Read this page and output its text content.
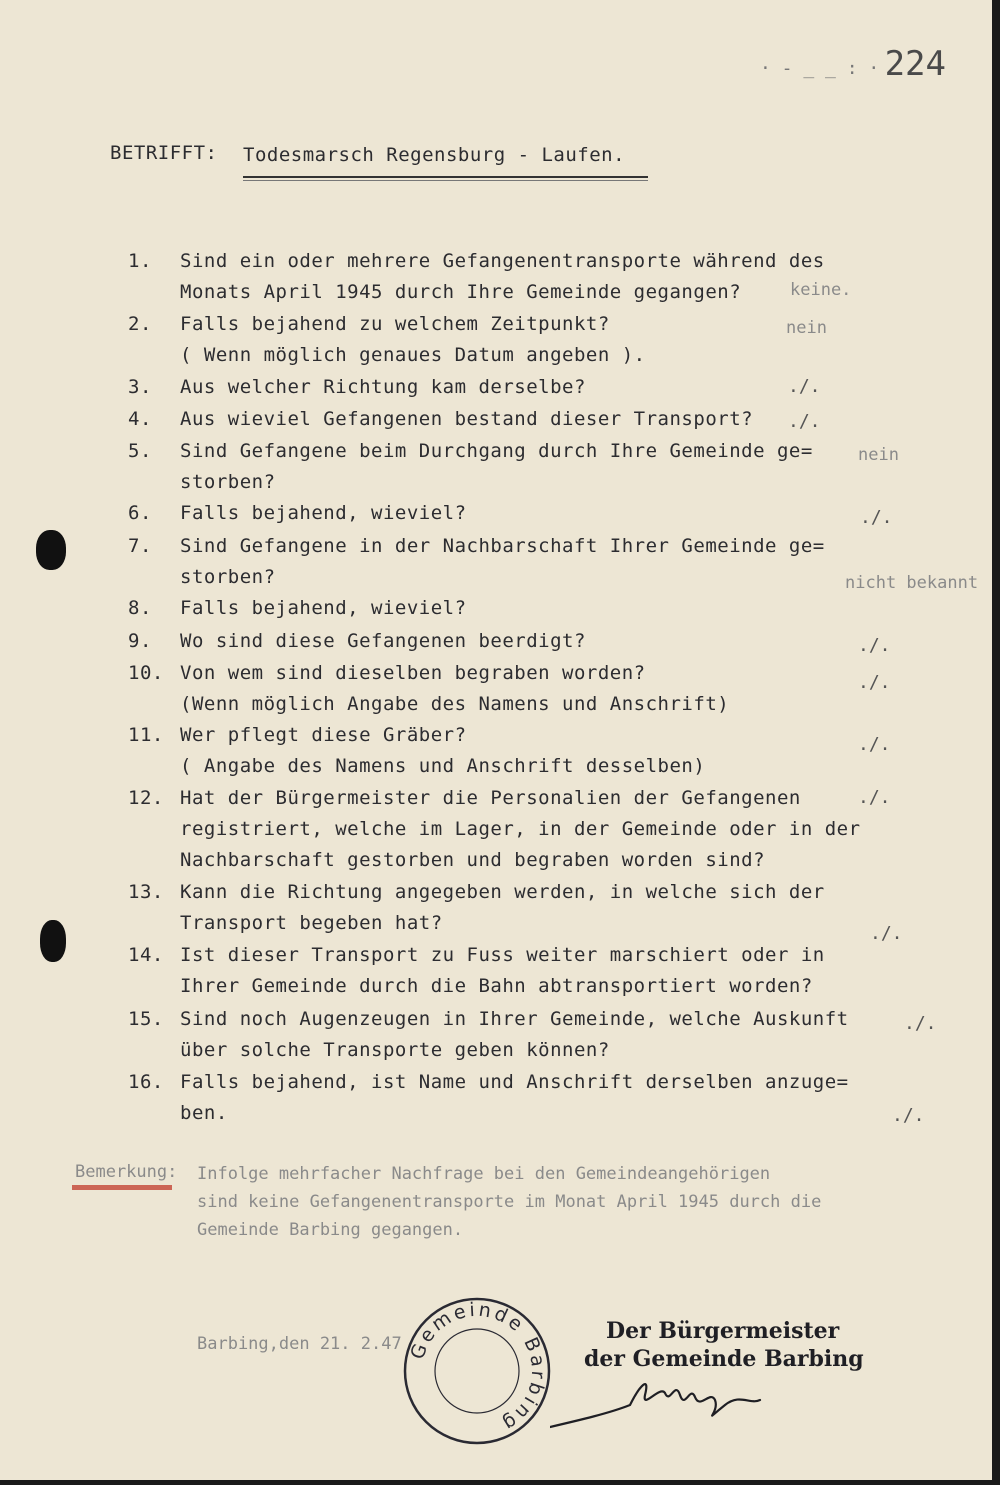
224
· - _ _ : ·
BETRIFFT: Todesmarsch Regensburg - Laufen.
1. Sind ein oder mehrere Gefangenentransporte während des
Monats April 1945 durch Ihre Gemeinde gegangen?	keine.
2. Falls bejahend zu welchem Zeitpunkt?
( Wenn möglich genaues Datum angeben ).
nein
3. Aus welcher Richtung kam derselbe?	./.
4. Aus wieviel Gefangenen bestand dieser Transport? ./.
5. Sind Gefangene beim Durchgang durch Ihre Gemeinde ge=
storben?
nein
6. Falls bejahend, wieviel?	./.
7. Sind Gefangene in der Nachbarschaft Ihrer Gemeinde ge=
storben?	nicht bekannt
8. Falls bejahend, wieviel?
9. Wo sind diese Gefangenen beerdigt?	./.
10. Von wem sind dieselben begraben worden?
(Wenn möglich Angabe des Namens und Anschrift)
./.
11. Wer pflegt diese Gräber?
( Angabe des Namens und Anschrift desselben)
./.
12. Hat der Bürgermeister die Personalien der Gefangenen
registriert, welche im Lager, in der Gemeinde oder in der
Nachbarschaft gestorben und begraben worden sind?
./.
13. Kann die Richtung angegeben werden, in welche sich der
Transport begeben hat?	./.
14. Ist dieser Transport zu Fuss weiter marschiert oder in
Ihrer Gemeinde durch die Bahn abtransportiert worden?
15. Sind noch Augenzeugen in Ihrer Gemeinde, welche Auskunft
über solche Transporte geben können?
./.
16. Falls bejahend, ist Name und Anschrift derselben anzuge=
ben.	./.
Bemerkung: Infolge mehrfacher Nachfrage bei den Gemeindeangehörigen
sind keine Gefangenentransporte im Monat April 1945 durch die
Gemeinde Barbing gegangen.
Barbing,den 21. 2.47 Gemeinde Barbing
Der Bürgermeister
der Gemeinde Barbing
